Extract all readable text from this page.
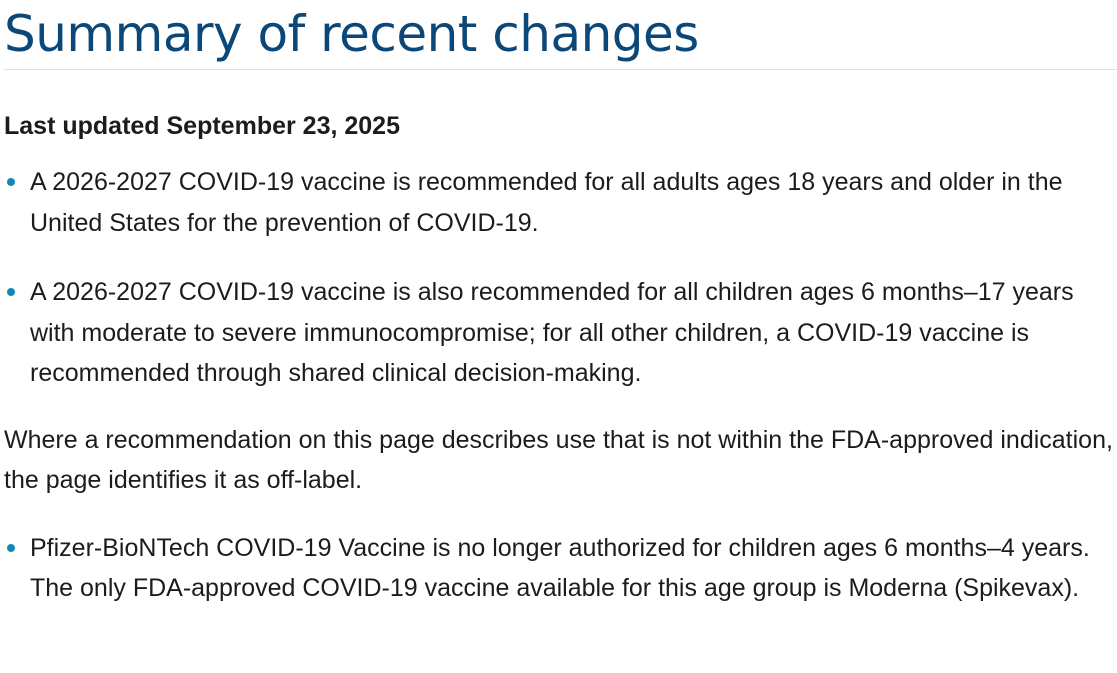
Summary of recent changes

Last updated September 23, 2025

A 2026-2027 COVID-19 vaccine is recommended for all adults ages 18 years and older in the United States for the prevention of COVID-19.
A 2026-2027 COVID-19 vaccine is also recommended for all children ages 6 months–17 years with moderate to severe immunocompromise; for all other children, a COVID-19 vaccine is recommended through shared clinical decision-making.

Where a recommendation on this page describes use that is not within the FDA-approved indication, the page identifies it as off-label.

Pfizer-BioNTech COVID-19 Vaccine is no longer authorized for children ages 6 months–4 years. The only FDA-approved COVID-19 vaccine available for this age group is Moderna (Spikevax).
